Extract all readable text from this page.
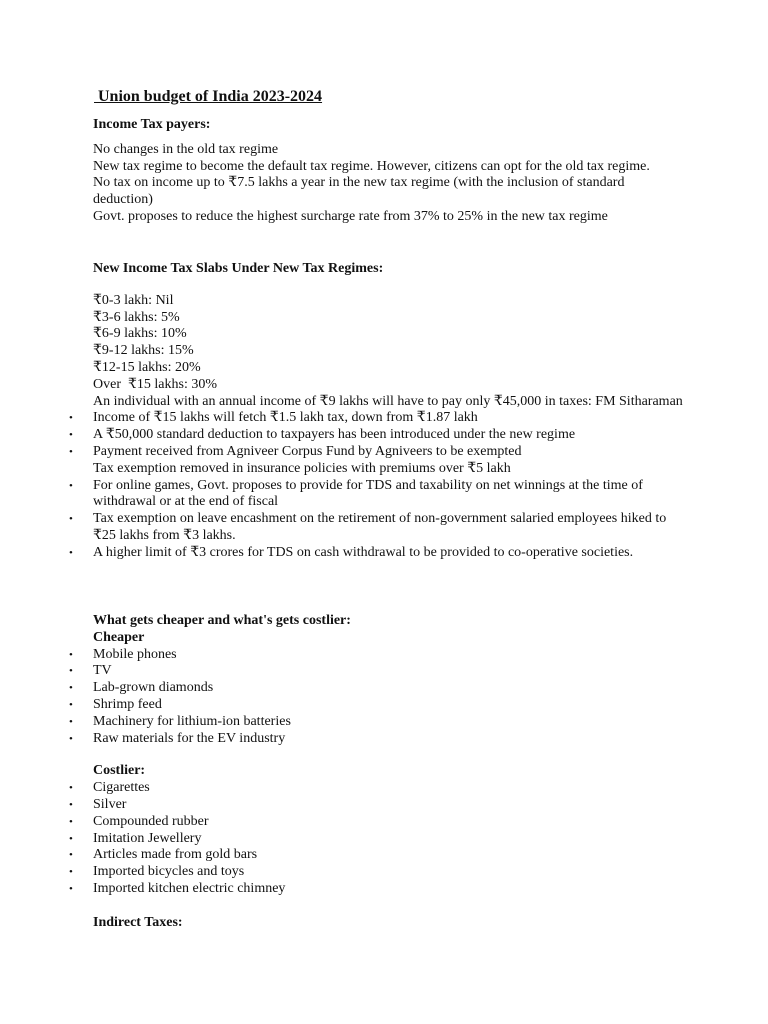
Union budget of India 2023-2024

Income Tax payers:

No changes in the old tax regime

New tax regime to become the default tax regime. However, citizens can opt for the old tax regime.

No tax on income up to ₹7.5 lakhs a year in the new tax regime (with the inclusion of standard deduction)

Govt. proposes to reduce the highest surcharge rate from 37% to 25% in the new tax regime

New Income Tax Slabs Under New Tax Regimes:

₹0-3 lakh: Nil

₹3-6 lakhs: 5%

₹6-9 lakhs: 10%

₹9-12 lakhs: 15%

₹12-15 lakhs: 20%

Over  ₹15 lakhs: 30%

An individual with an annual income of ₹9 lakhs will have to pay only ₹45,000 in taxes: FM Sitharaman

• Income of ₹15 lakhs will fetch ₹1.5 lakh tax, down from ₹1.87 lakh
• A ₹50,000 standard deduction to taxpayers has been introduced under the new regime
• Payment received from Agniveer Corpus Fund by Agniveers to be exempted

Tax exemption removed in insurance policies with premiums over ₹5 lakh

• For online games, Govt. proposes to provide for TDS and taxability on net winnings at the time of withdrawal or at the end of fiscal
• Tax exemption on leave encashment on the retirement of non-government salaried employees hiked to ₹25 lakhs from ₹3 lakhs.
• A higher limit of ₹3 crores for TDS on cash withdrawal to be provided to co-operative societies.

What gets cheaper and what's gets costlier:

Cheaper

• Mobile phones
• TV
• Lab-grown diamonds
• Shrimp feed
• Machinery for lithium-ion batteries
• Raw materials for the EV industry

Costlier:

• Cigarettes
• Silver
• Compounded rubber
• Imitation Jewellery
• Articles made from gold bars
• Imported bicycles and toys
• Imported kitchen electric chimney

Indirect Taxes:
